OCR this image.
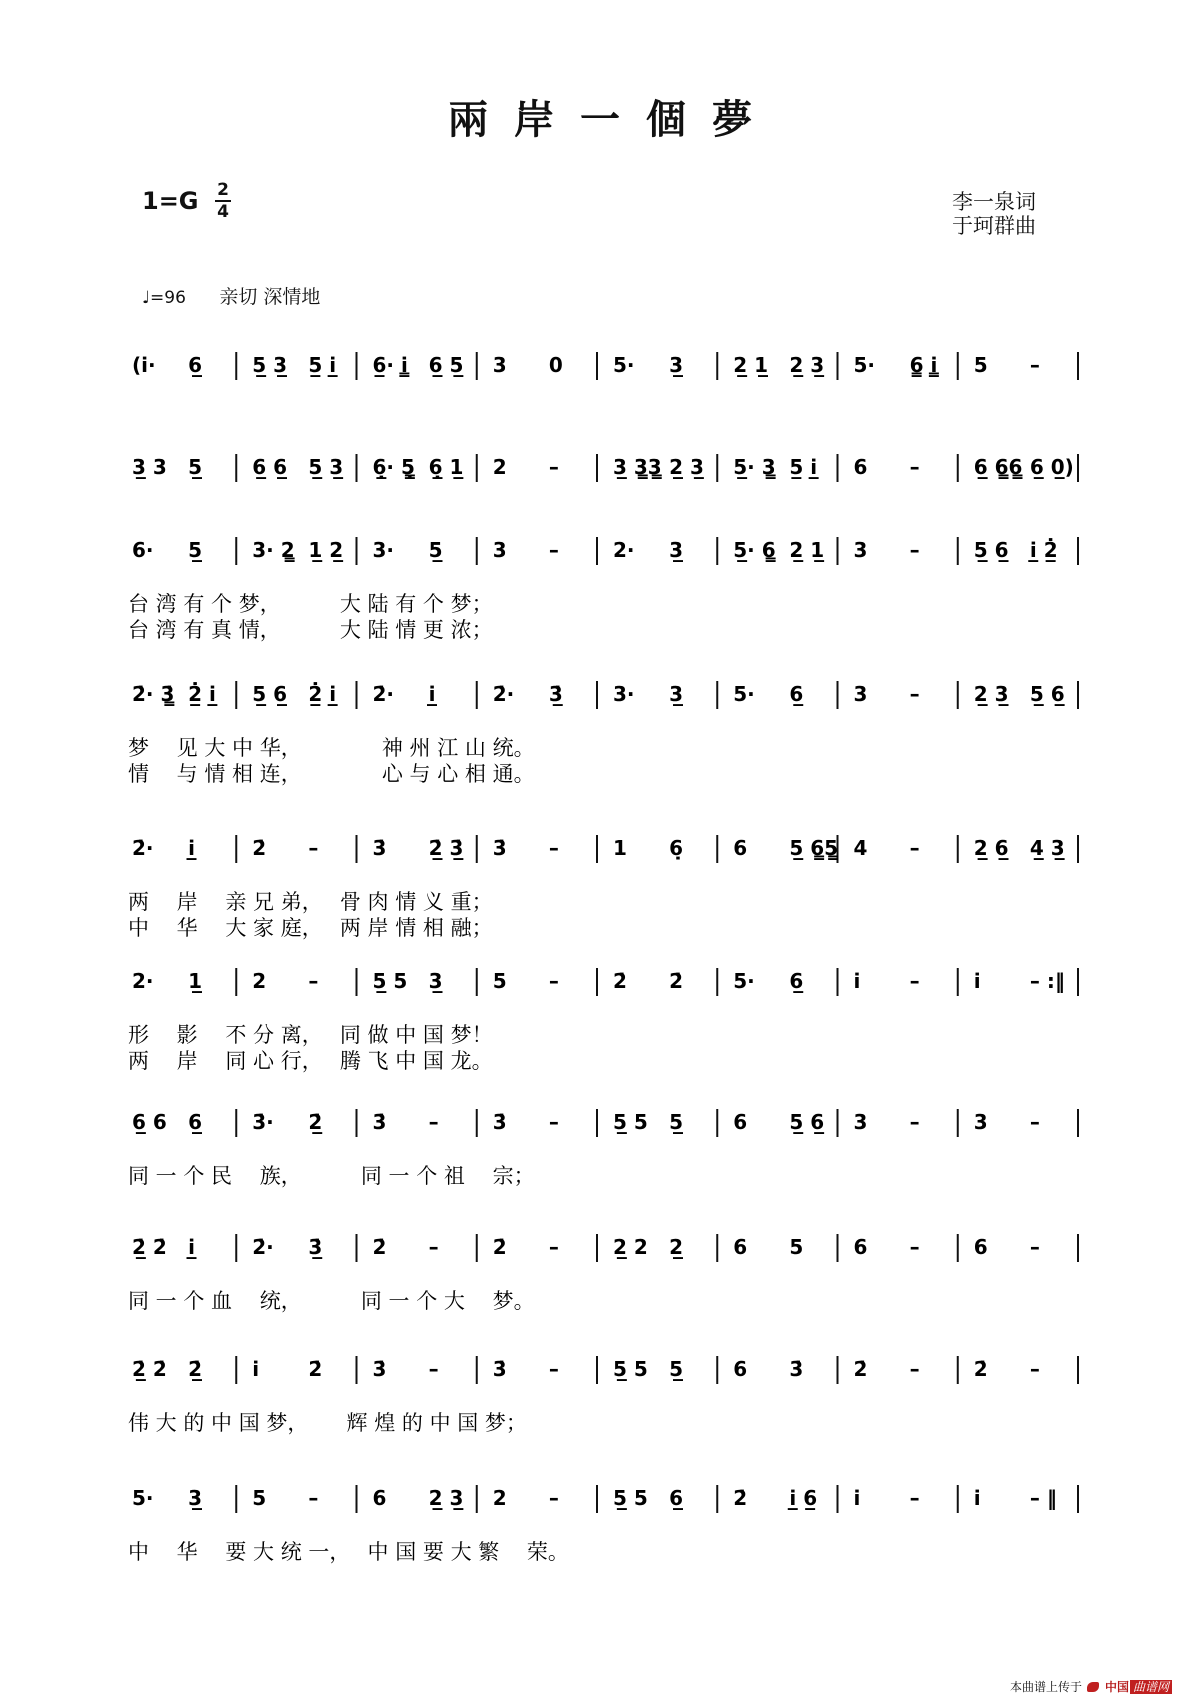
兩岸一個夢
1=G 2
4	李一泉词
于珂群曲
♩=96 亲切 深情地
(i̇· 6̲	5̲ 3̲ 5̲ i̲̇ 6̲· i̳̇ 6̲ 5̲ 3 0	5· 3̲	2̲ 1̲ 2̲ 3̲ 5· 6̳ i̳̇ 5 –
3̲ 3 5̲	6̲ 6̲ 5̲ 3̲ 6̣̲· 5̣̳ 6̣̲ 1̲ 2 –	3̲ 3̳3̳ 2̲ 3̲ 5̲· 3̳ 5̲ i̲̇ 6 –	6̲ 6̳6̳ 6̲ 0̲)
6· 5̲	3· 2̳ 1̲ 2̲ 3· 5̲	3 –	2· 3̲	5̲· 6̳ 2̲ 1̲ 3 –	5̲ 6̲ i̲̇ 2̲̇
台 湾 有 个 梦，　　　 大 陆 有 个 梦；
台 湾 有 真 情，　　　 大 陆 情 更 浓；
2̇· 3̳̇ 2̲̇ i̲̇ 5̲ 6̲ 2̲̇ i̲̇ 2̇· i̲̇	2̇· 3̲̇	3· 3̲	5· 6̲	3 –	2̲ 3̲ 5̲ 6̲
梦　 见 大 中 华，　　　　 神 州 江 山 统。
情　 与 情 相 连，　　　　 心 与 心 相 通。
2̇· i̲̇	2̇ –	3̇ 2̲̇ 3̲̇ 3̇ –	1 6̣	6 5̲ 6̳5̳ 4 –	2̲ 6̲ 4̲ 3̲
两　 岸　 亲 兄 弟，　 骨 肉 情 义 重；
中　 华　 大 家 庭，　 两 岸 情 相 融；
2· 1̲	2 –	5̲ 5 3̲	5 –	2̇ 2̇	5· 6̲	i̇ –	i̇ – :‖
形　 影　 不 分 离，　 同 做 中 国 梦！
两　 岸　 同 心 行，　 腾 飞 中 国 龙。
6̲ 6 6̲	3̇· 2̲̇	3̇ –	3̇ –	5̲ 5 5̲	6 5̲ 6̲ 3 –	3 –
同 一 个 民　 族，　　　 同 一 个 祖　 宗；
2̲̇ 2̇ i̲̇	2̇· 3̲̇	2̇ –	2̇ –	2̲ 2 2̲	6 5	6 –	6 –
同 一 个 血　 统，　　　 同 一 个 大　 梦。
2̲̇ 2̇ 2̲̇	i̇ 2̇	3̇ –	3̇ –	5̲ 5 5̲	6 3̇	2̇ –	2̇ –
伟 大 的 中 国 梦，　　 辉 煌 的 中 国 梦；
5· 3̲	5 –	6 2̲ 3̲ 2 –	5̲ 5 6̲	2̇ i̲̇ 6̲ i̇ –	i̇ – ‖
中　 华　 要 大 统 一，　 中 国 要 大 繁　 荣。
本曲谱上传于 中国 曲谱网
